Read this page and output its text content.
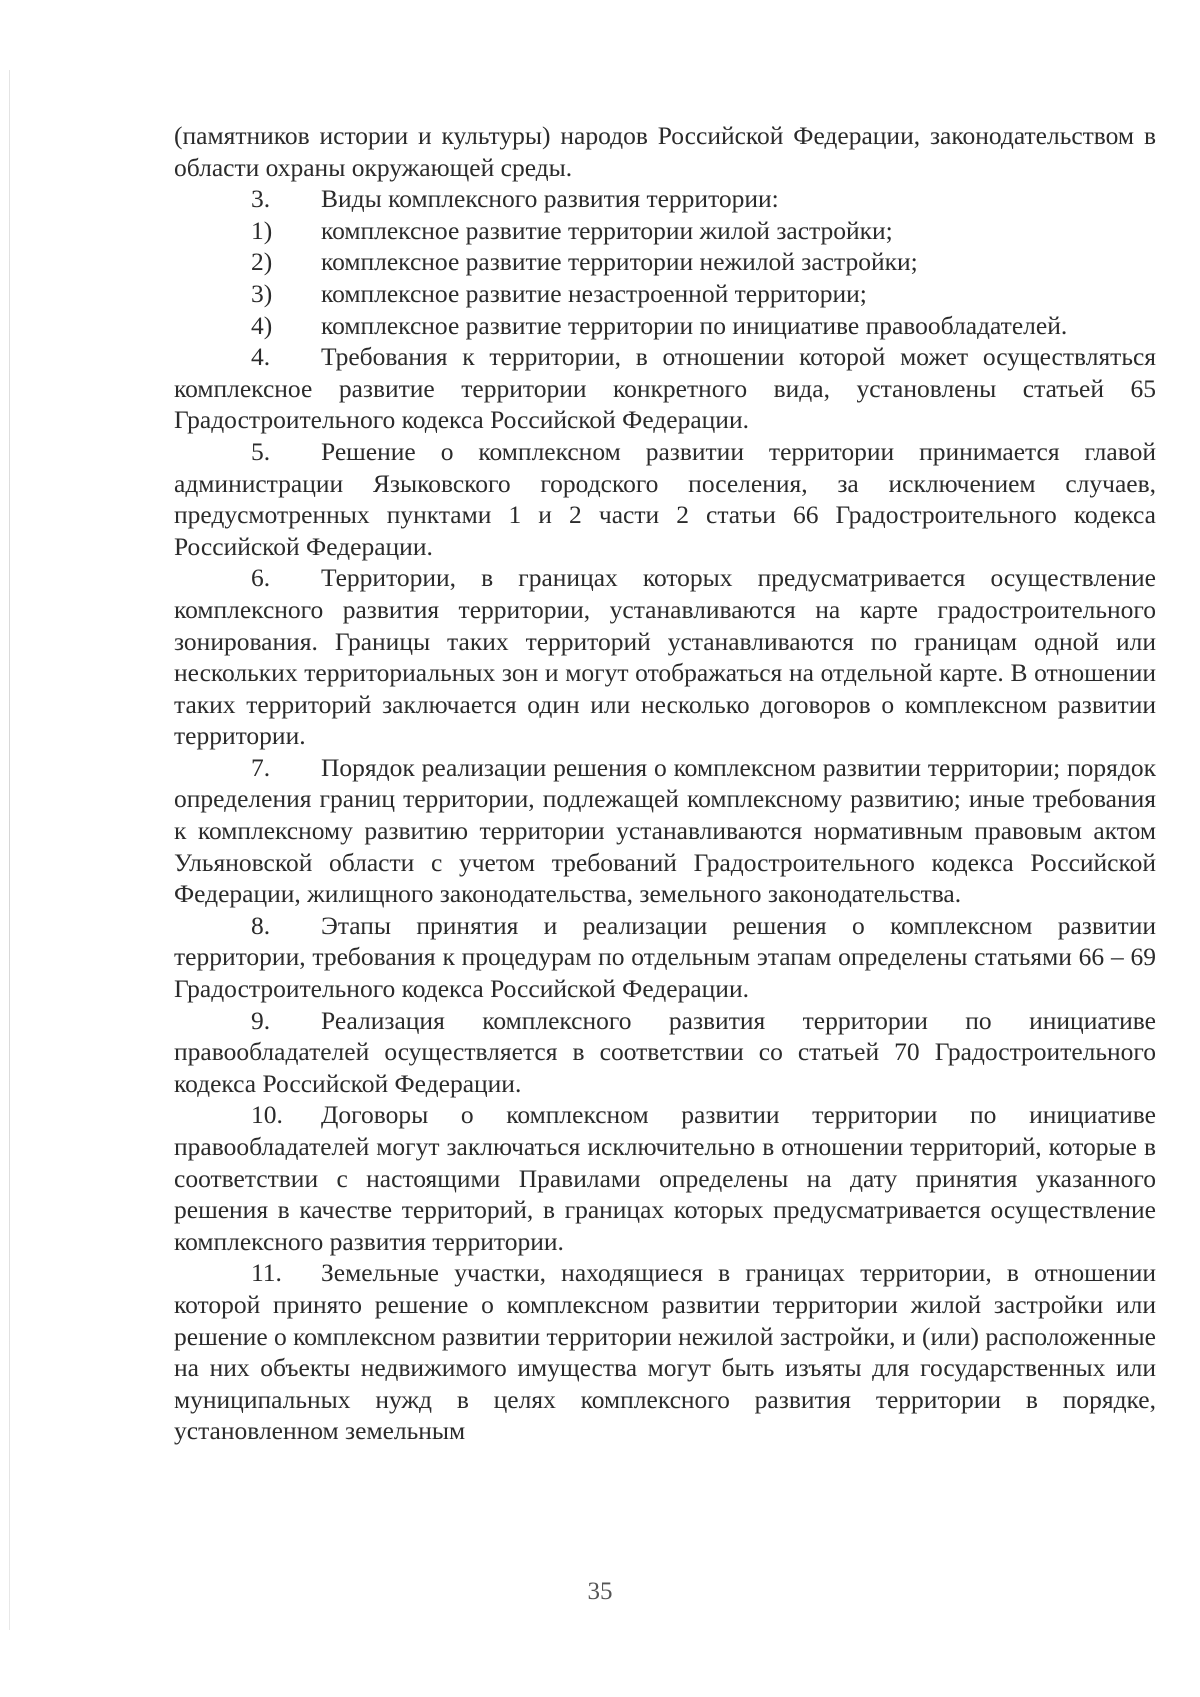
(памятников истории и культуры) народов Российской Федерации, законодательством в области охраны окружающей среды.

3. Виды комплексного развития территории:

1) комплексное развитие территории жилой застройки;

2) комплексное развитие территории нежилой застройки;

3) комплексное развитие незастроенной территории;

4) комплексное развитие территории по инициативе правообладателей.

4. Требования к территории, в отношении которой может осуществляться комплексное развитие территории конкретного вида, установлены статьей 65 Градостроительного кодекса Российской Федерации.

5. Решение о комплексном развитии территории принимается главой администрации Языковского городского поселения, за исключением случаев, предусмотренных пунктами 1 и 2 части 2 статьи 66 Градостроительного кодекса Российской Федерации.

6. Территории, в границах которых предусматривается осуществление комплексного развития территории, устанавливаются на карте градостроительного зонирования. Границы таких территорий устанавливаются по границам одной или нескольких территориальных зон и могут отображаться на отдельной карте. В отношении таких территорий заключается один или несколько договоров о комплексном развитии территории.

7. Порядок реализации решения о комплексном развитии территории; порядок определения границ территории, подлежащей комплексному развитию; иные требования к комплексному развитию территории устанавливаются нормативным правовым актом Ульяновской области с учетом требований Градостроительного кодекса Российской Федерации, жилищного законодательства, земельного законодательства.

8. Этапы принятия и реализации решения о комплексном развитии территории, требования к процедурам по отдельным этапам определены статьями 66 – 69 Градостроительного кодекса Российской Федерации.

9. Реализация комплексного развития территории по инициативе правообладателей осуществляется в соответствии со статьей 70 Градостроительного кодекса Российской Федерации.

10. Договоры о комплексном развитии территории по инициативе правообладателей могут заключаться исключительно в отношении территорий, которые в соответствии с настоящими Правилами определены на дату принятия указанного решения в качестве территорий, в границах которых предусматривается осуществление комплексного развития территории.

11. Земельные участки, находящиеся в границах территории, в отношении которой принято решение о комплексном развитии территории жилой застройки или решение о комплексном развитии территории нежилой застройки, и (или) расположенные на них объекты недвижимого имущества могут быть изъяты для государственных или муниципальных нужд в целях комплексного развития территории в порядке, установленном земельным

35
